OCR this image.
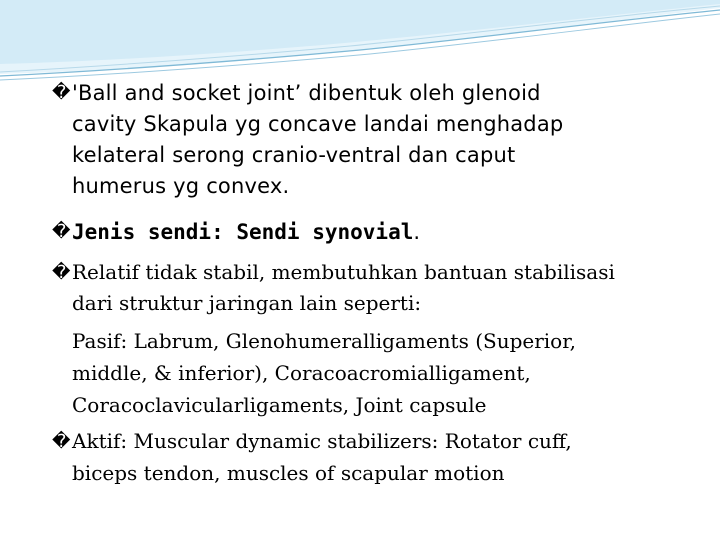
� 'Ball and socket joint’ dibentuk oleh glenoid
cavity Skapula yg concave landai menghadap
kelateral serong cranio-ventral dan caput
humerus yg convex.
� Jenis sendi: Sendi synovial.
� Relatif tidak stabil, membutuhkan bantuan stabilisasi
dari struktur jaringan lain seperti:
Pasif: Labrum, Glenohumeralligaments (Superior,
middle, & inferior), Coracoacromialligament,
Coracoclavicularligaments, Joint capsule
� Aktif: Muscular dynamic stabilizers: Rotator cuff,
biceps tendon, muscles of scapular motion
